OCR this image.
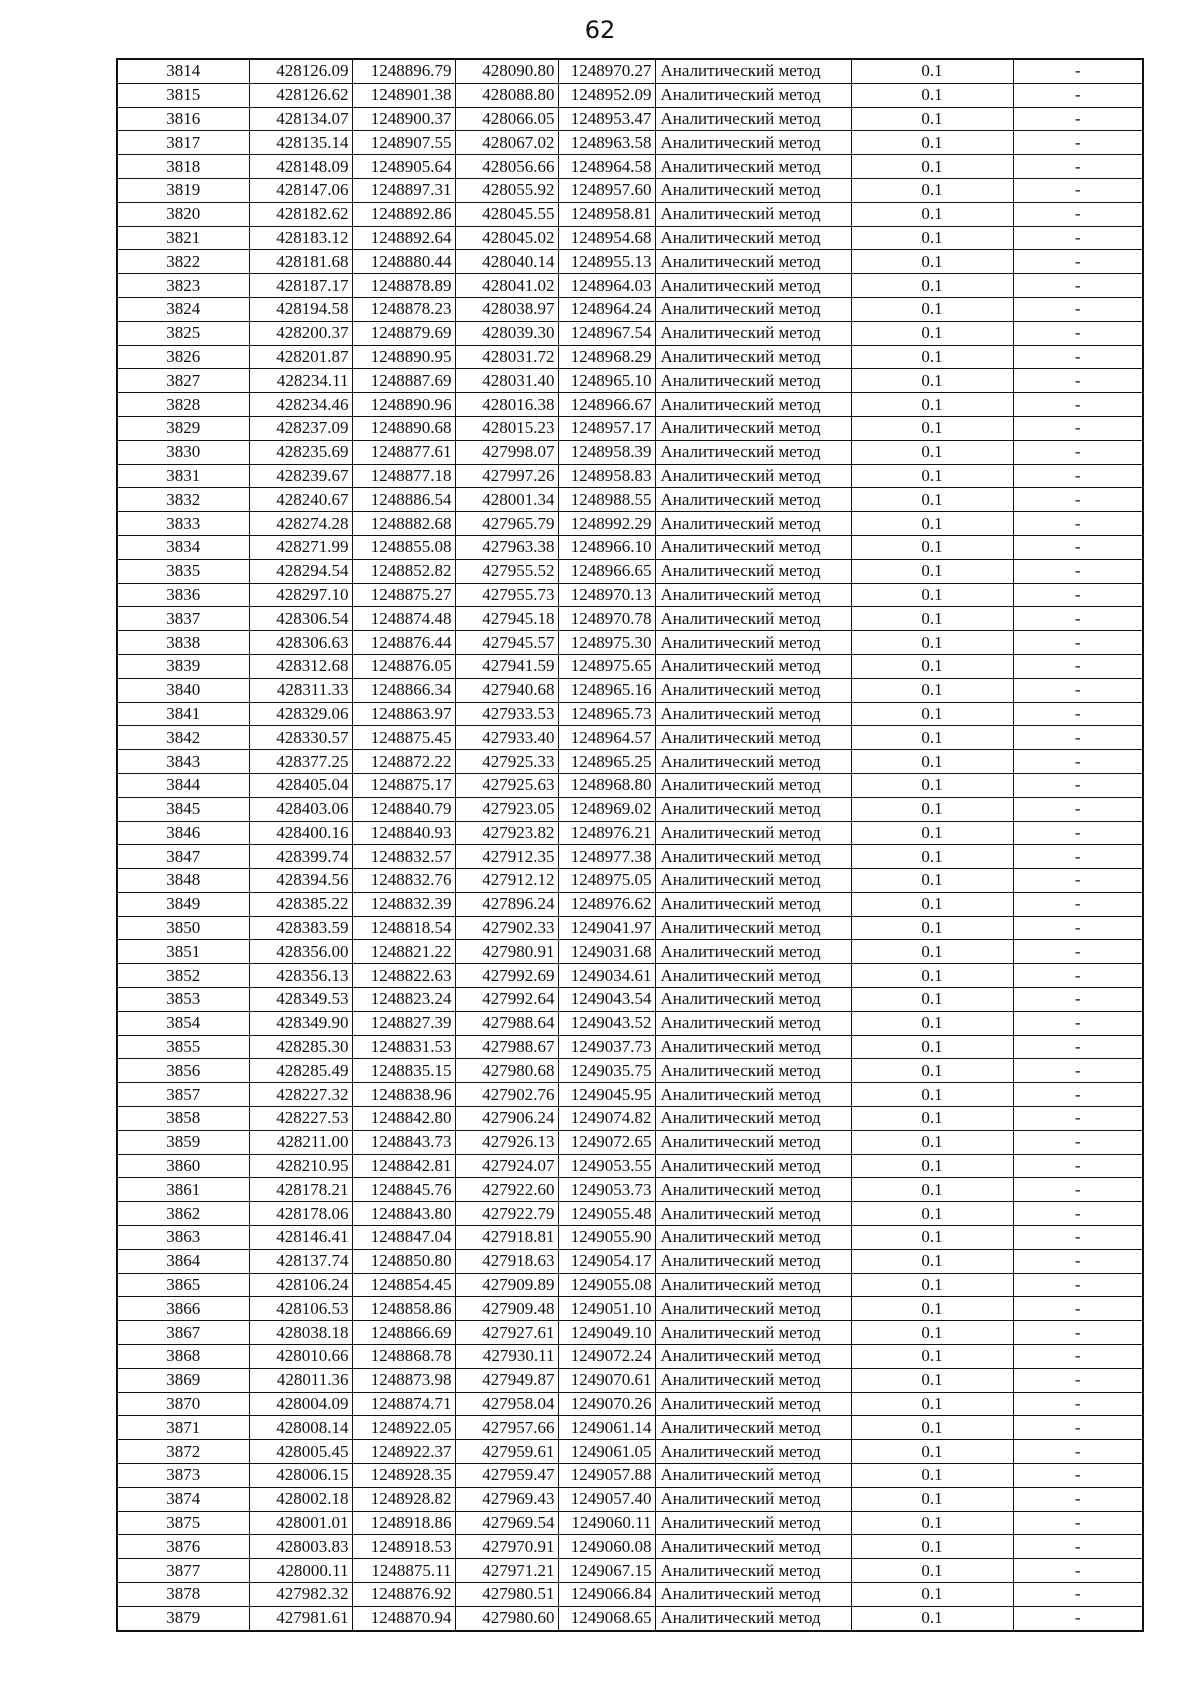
62
3814	428126.09	1248896.79	428090.80	1248970.27	Аналитический метод	0.1	-
3815	428126.62	1248901.38	428088.80	1248952.09	Аналитический метод	0.1	-
3816	428134.07	1248900.37	428066.05	1248953.47	Аналитический метод	0.1	-
3817	428135.14	1248907.55	428067.02	1248963.58	Аналитический метод	0.1	-
3818	428148.09	1248905.64	428056.66	1248964.58	Аналитический метод	0.1	-
3819	428147.06	1248897.31	428055.92	1248957.60	Аналитический метод	0.1	-
3820	428182.62	1248892.86	428045.55	1248958.81	Аналитический метод	0.1	-
3821	428183.12	1248892.64	428045.02	1248954.68	Аналитический метод	0.1	-
3822	428181.68	1248880.44	428040.14	1248955.13	Аналитический метод	0.1	-
3823	428187.17	1248878.89	428041.02	1248964.03	Аналитический метод	0.1	-
3824	428194.58	1248878.23	428038.97	1248964.24	Аналитический метод	0.1	-
3825	428200.37	1248879.69	428039.30	1248967.54	Аналитический метод	0.1	-
3826	428201.87	1248890.95	428031.72	1248968.29	Аналитический метод	0.1	-
3827	428234.11	1248887.69	428031.40	1248965.10	Аналитический метод	0.1	-
3828	428234.46	1248890.96	428016.38	1248966.67	Аналитический метод	0.1	-
3829	428237.09	1248890.68	428015.23	1248957.17	Аналитический метод	0.1	-
3830	428235.69	1248877.61	427998.07	1248958.39	Аналитический метод	0.1	-
3831	428239.67	1248877.18	427997.26	1248958.83	Аналитический метод	0.1	-
3832	428240.67	1248886.54	428001.34	1248988.55	Аналитический метод	0.1	-
3833	428274.28	1248882.68	427965.79	1248992.29	Аналитический метод	0.1	-
3834	428271.99	1248855.08	427963.38	1248966.10	Аналитический метод	0.1	-
3835	428294.54	1248852.82	427955.52	1248966.65	Аналитический метод	0.1	-
3836	428297.10	1248875.27	427955.73	1248970.13	Аналитический метод	0.1	-
3837	428306.54	1248874.48	427945.18	1248970.78	Аналитический метод	0.1	-
3838	428306.63	1248876.44	427945.57	1248975.30	Аналитический метод	0.1	-
3839	428312.68	1248876.05	427941.59	1248975.65	Аналитический метод	0.1	-
3840	428311.33	1248866.34	427940.68	1248965.16	Аналитический метод	0.1	-
3841	428329.06	1248863.97	427933.53	1248965.73	Аналитический метод	0.1	-
3842	428330.57	1248875.45	427933.40	1248964.57	Аналитический метод	0.1	-
3843	428377.25	1248872.22	427925.33	1248965.25	Аналитический метод	0.1	-
3844	428405.04	1248875.17	427925.63	1248968.80	Аналитический метод	0.1	-
3845	428403.06	1248840.79	427923.05	1248969.02	Аналитический метод	0.1	-
3846	428400.16	1248840.93	427923.82	1248976.21	Аналитический метод	0.1	-
3847	428399.74	1248832.57	427912.35	1248977.38	Аналитический метод	0.1	-
3848	428394.56	1248832.76	427912.12	1248975.05	Аналитический метод	0.1	-
3849	428385.22	1248832.39	427896.24	1248976.62	Аналитический метод	0.1	-
3850	428383.59	1248818.54	427902.33	1249041.97	Аналитический метод	0.1	-
3851	428356.00	1248821.22	427980.91	1249031.68	Аналитический метод	0.1	-
3852	428356.13	1248822.63	427992.69	1249034.61	Аналитический метод	0.1	-
3853	428349.53	1248823.24	427992.64	1249043.54	Аналитический метод	0.1	-
3854	428349.90	1248827.39	427988.64	1249043.52	Аналитический метод	0.1	-
3855	428285.30	1248831.53	427988.67	1249037.73	Аналитический метод	0.1	-
3856	428285.49	1248835.15	427980.68	1249035.75	Аналитический метод	0.1	-
3857	428227.32	1248838.96	427902.76	1249045.95	Аналитический метод	0.1	-
3858	428227.53	1248842.80	427906.24	1249074.82	Аналитический метод	0.1	-
3859	428211.00	1248843.73	427926.13	1249072.65	Аналитический метод	0.1	-
3860	428210.95	1248842.81	427924.07	1249053.55	Аналитический метод	0.1	-
3861	428178.21	1248845.76	427922.60	1249053.73	Аналитический метод	0.1	-
3862	428178.06	1248843.80	427922.79	1249055.48	Аналитический метод	0.1	-
3863	428146.41	1248847.04	427918.81	1249055.90	Аналитический метод	0.1	-
3864	428137.74	1248850.80	427918.63	1249054.17	Аналитический метод	0.1	-
3865	428106.24	1248854.45	427909.89	1249055.08	Аналитический метод	0.1	-
3866	428106.53	1248858.86	427909.48	1249051.10	Аналитический метод	0.1	-
3867	428038.18	1248866.69	427927.61	1249049.10	Аналитический метод	0.1	-
3868	428010.66	1248868.78	427930.11	1249072.24	Аналитический метод	0.1	-
3869	428011.36	1248873.98	427949.87	1249070.61	Аналитический метод	0.1	-
3870	428004.09	1248874.71	427958.04	1249070.26	Аналитический метод	0.1	-
3871	428008.14	1248922.05	427957.66	1249061.14	Аналитический метод	0.1	-
3872	428005.45	1248922.37	427959.61	1249061.05	Аналитический метод	0.1	-
3873	428006.15	1248928.35	427959.47	1249057.88	Аналитический метод	0.1	-
3874	428002.18	1248928.82	427969.43	1249057.40	Аналитический метод	0.1	-
3875	428001.01	1248918.86	427969.54	1249060.11	Аналитический метод	0.1	-
3876	428003.83	1248918.53	427970.91	1249060.08	Аналитический метод	0.1	-
3877	428000.11	1248875.11	427971.21	1249067.15	Аналитический метод	0.1	-
3878	427982.32	1248876.92	427980.51	1249066.84	Аналитический метод	0.1	-
3879	427981.61	1248870.94	427980.60	1249068.65	Аналитический метод	0.1	-
